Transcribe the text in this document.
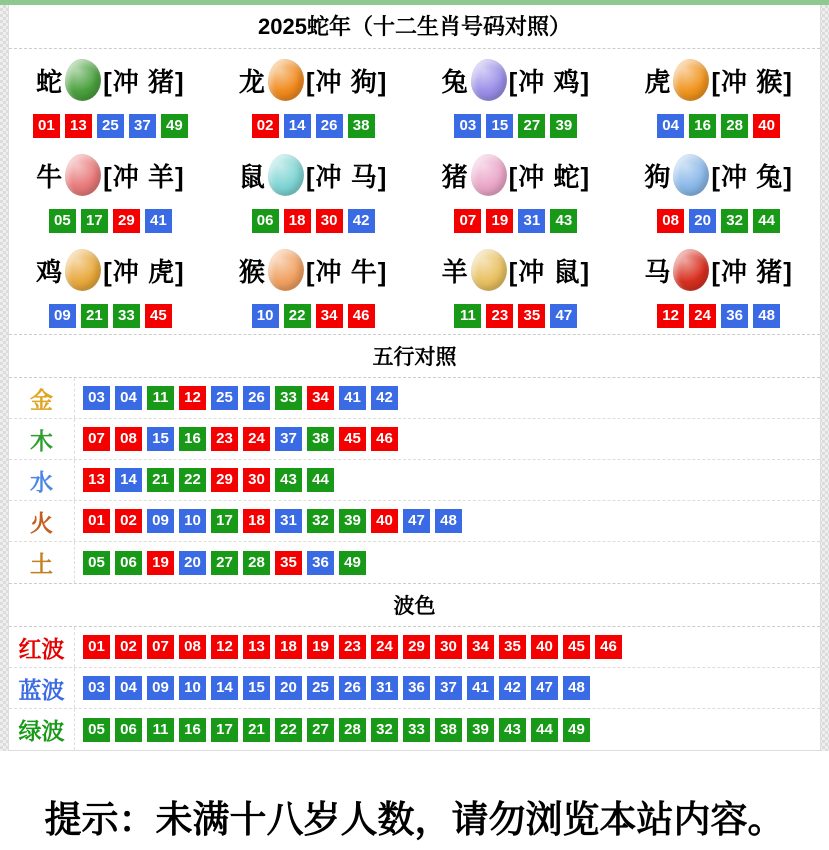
2025蛇年（十二生肖号码对照）
蛇 [冲 猪]
01	13	25	37	49
龙 [冲 狗]
02	14	26	38
兔 [冲 鸡]
03	15	27	39
虎 [冲 猴]
04	16	28	40
牛 [冲 羊]
05	17	29	41
鼠 [冲 马]
06	18	30	42
猪 [冲 蛇]
07	19	31	43
狗 [冲 兔]
08	20	32	44
鸡 [冲 虎]
09	21	33	45
猴 [冲 牛]
10	22	34	46
羊 [冲 鼠]
11	23	35	47
马 [冲 猪]
12	24	36	48
五行对照
金	03	04	11	12	25	26	33	34	41	42
木	07	08	15	16	23	24	37	38	45	46
水	13	14	21	22	29	30	43	44
火	01	02	09	10	17	18	31	32	39	40	47	48
土	05	06	19	20	27	28	35	36	49
波色
红波	01	02	07	08	12	13	18	19	23	24	29	30	34	35	40	45	46
蓝波	03	04	09	10	14	15	20	25	26	31	36	37	41	42	47	48
绿波	05	06	11	16	17	21	22	27	28	32	33	38	39	43	44	49
提示：未满十八岁人数，请勿浏览本站内容。
